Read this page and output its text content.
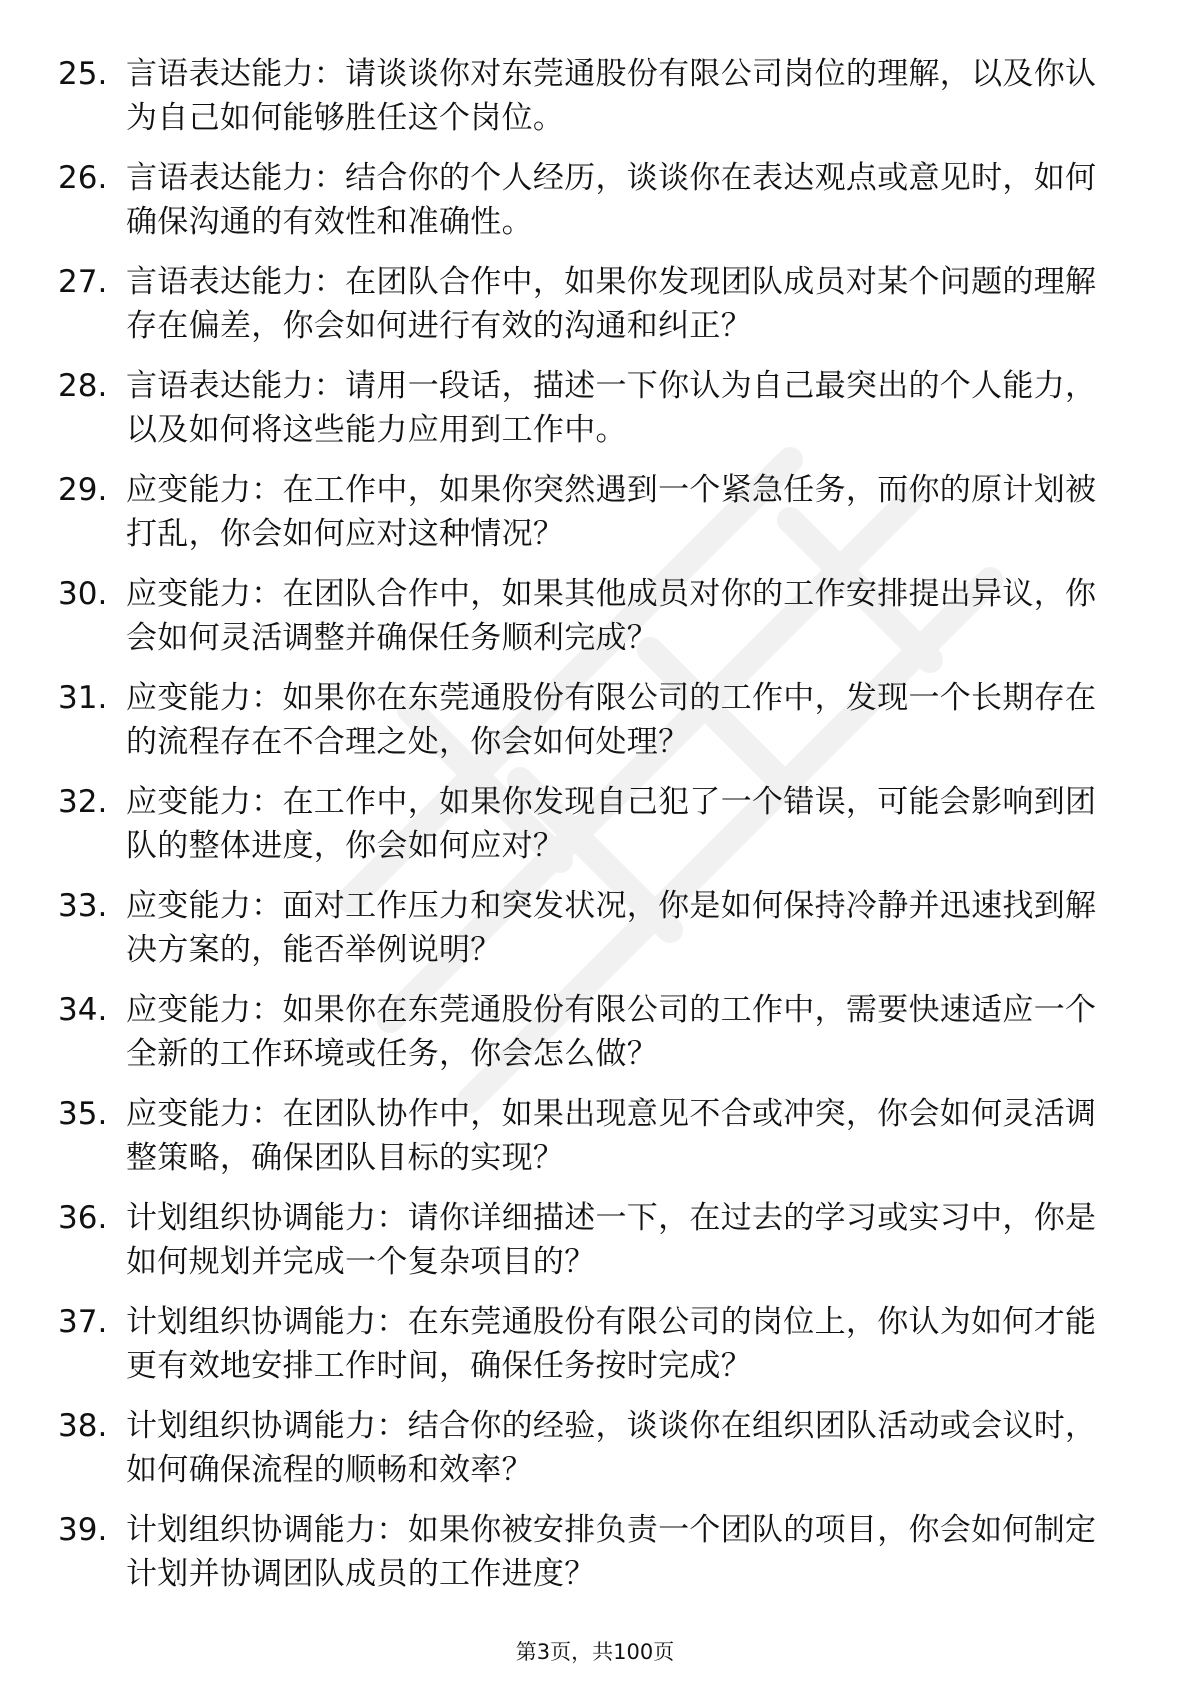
25. 言语表达能力：请谈谈你对东莞通股份有限公司岗位的理解，以及你认为自己如何能够胜任这个岗位。
26. 言语表达能力：结合你的个人经历，谈谈你在表达观点或意见时，如何确保沟通的有效性和准确性。
27. 言语表达能力：在团队合作中，如果你发现团队成员对某个问题的理解存在偏差，你会如何进行有效的沟通和纠正？
28. 言语表达能力：请用一段话，描述一下你认为自己最突出的个人能力，以及如何将这些能力应用到工作中。
29. 应变能力：在工作中，如果你突然遇到一个紧急任务，而你的原计划被打乱，你会如何应对这种情况？
30. 应变能力：在团队合作中，如果其他成员对你的工作安排提出异议，你会如何灵活调整并确保任务顺利完成？
31. 应变能力：如果你在东莞通股份有限公司的工作中，发现一个长期存在的流程存在不合理之处，你会如何处理？
32. 应变能力：在工作中，如果你发现自己犯了一个错误，可能会影响到团队的整体进度，你会如何应对？
33. 应变能力：面对工作压力和突发状况，你是如何保持冷静并迅速找到解决方案的，能否举例说明？
34. 应变能力：如果你在东莞通股份有限公司的工作中，需要快速适应一个全新的工作环境或任务，你会怎么做？
35. 应变能力：在团队协作中，如果出现意见不合或冲突，你会如何灵活调整策略，确保团队目标的实现？
36. 计划组织协调能力：请你详细描述一下，在过去的学习或实习中，你是如何规划并完成一个复杂项目的？
37. 计划组织协调能力：在东莞通股份有限公司的岗位上，你认为如何才能更有效地安排工作时间，确保任务按时完成？
38. 计划组织协调能力：结合你的经验，谈谈你在组织团队活动或会议时，如何确保流程的顺畅和效率？
39. 计划组织协调能力：如果你被安排负责一个团队的项目，你会如何制定计划并协调团队成员的工作进度？
第3页，共100页
